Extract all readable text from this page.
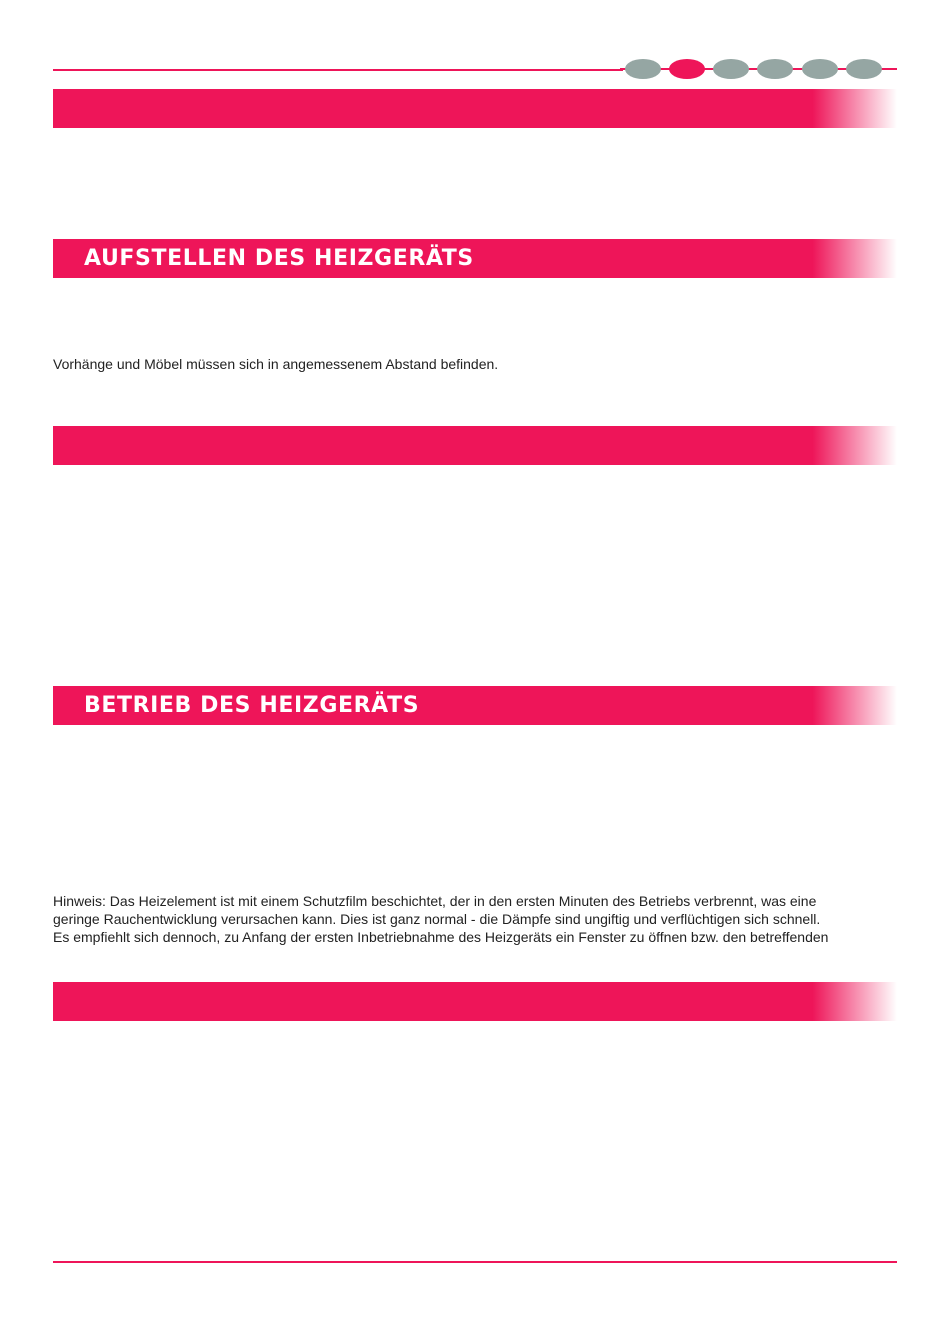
AUFSTELLEN DES HEIZGERÄTS

Vorhänge und Möbel müssen sich in angemessenem Abstand befinden.

BETRIEB DES HEIZGERÄTS

Hinweis: Das Heizelement ist mit einem Schutzfilm beschichtet, der in den ersten Minuten des Betriebs verbrennt, was eine
geringe Rauchentwicklung verursachen kann. Dies ist ganz normal - die Dämpfe sind ungiftig und verflüchtigen sich schnell.
Es empfiehlt sich dennoch, zu Anfang der ersten Inbetriebnahme des Heizgeräts ein Fenster zu öffnen bzw. den betreffenden
